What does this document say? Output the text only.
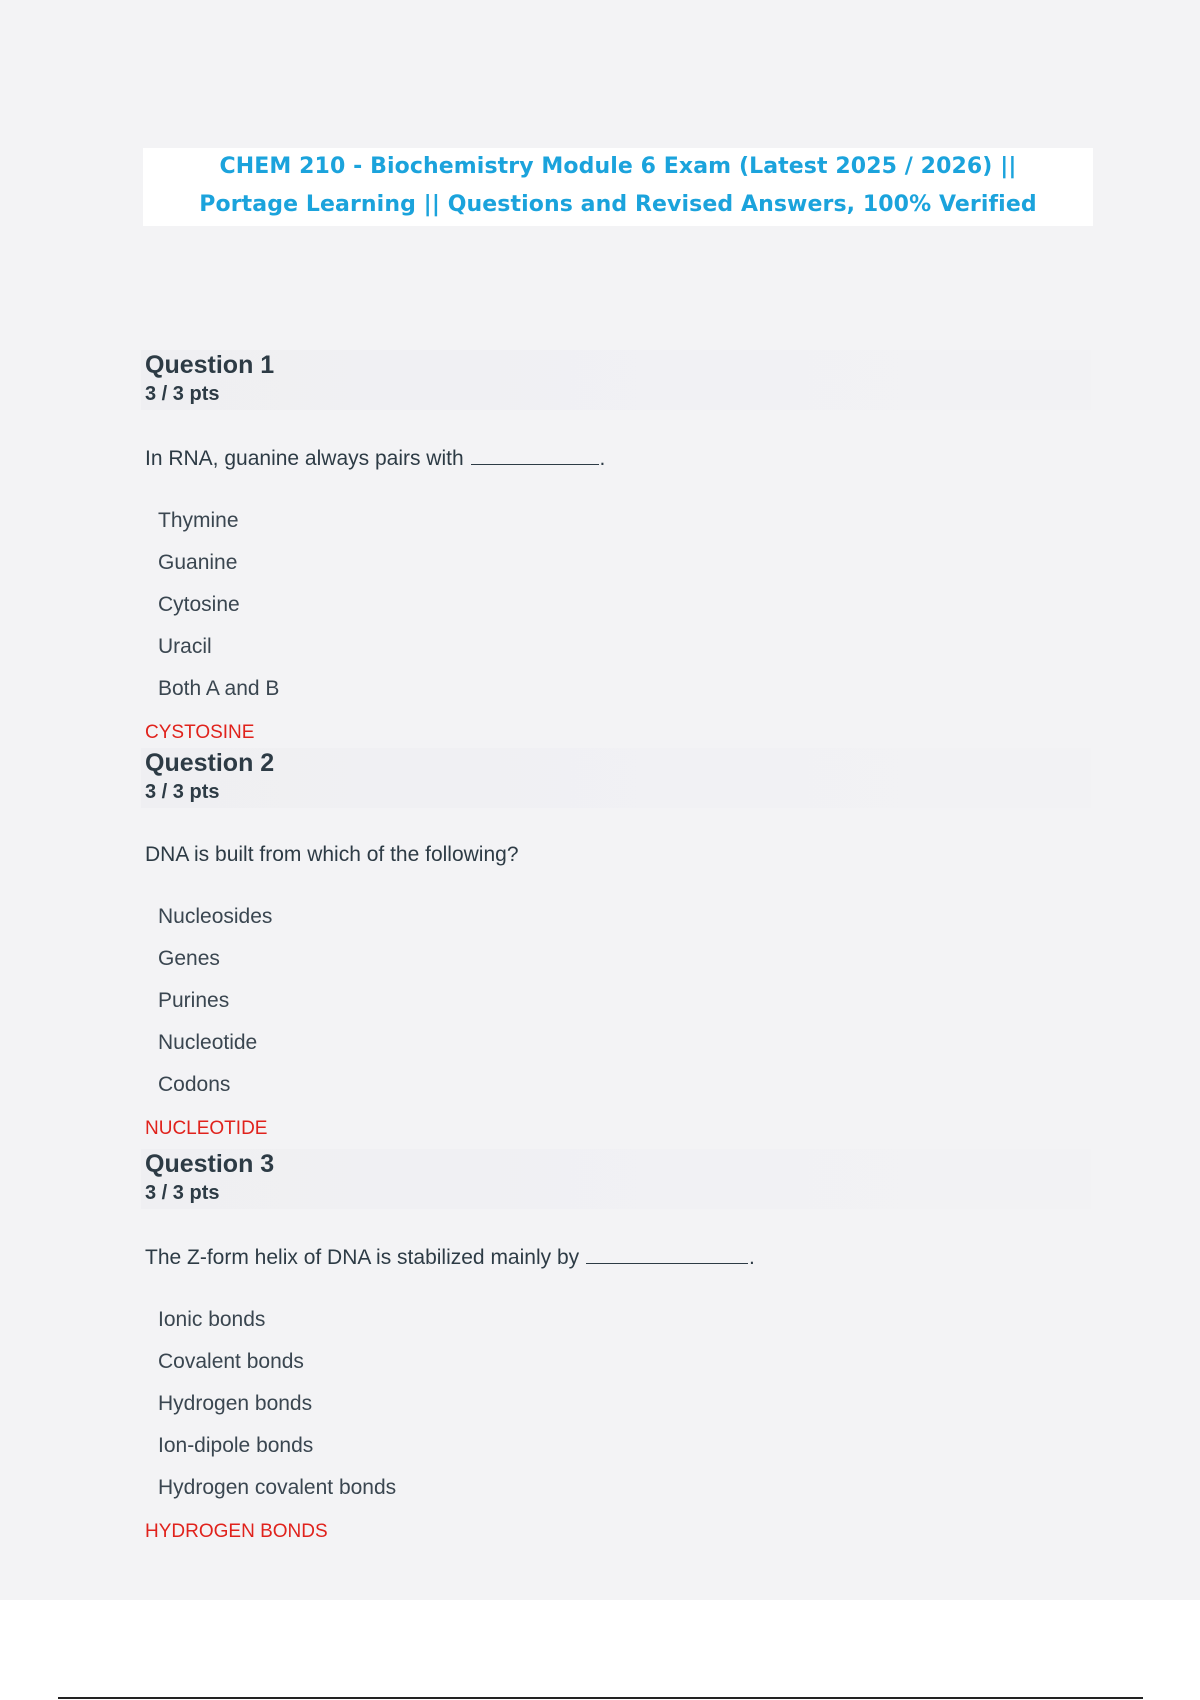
CHEM 210 - Biochemistry Module 6 Exam (Latest 2025 / 2026) ||
Portage Learning || Questions and Revised Answers, 100% Verified
Question 1
3 / 3 pts
In RNA, guanine always pairs with	.
Thymine
Guanine
Cytosine
Uracil
Both A and B
CYSTOSINE
Question 2
3 / 3 pts
DNA is built from which of the following?
Nucleosides
Genes
Purines
Nucleotide
Codons
NUCLEOTIDE
Question 3
3 / 3 pts
The Z-form helix of DNA is stabilized mainly by	.
Ionic bonds
Covalent bonds
Hydrogen bonds
Ion-dipole bonds
Hydrogen covalent bonds
HYDROGEN BONDS
